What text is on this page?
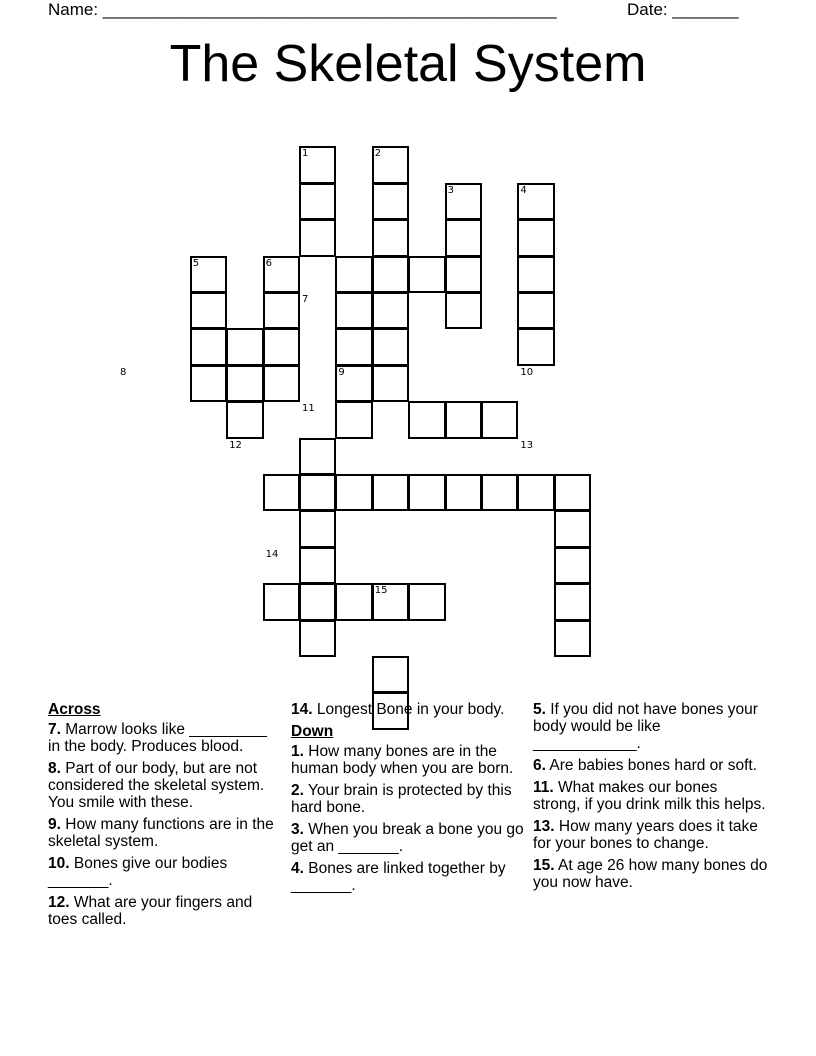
Name: ________________________________________________	Date: _______
The Skeletal System
1	2
3	4
5	6
7
8	9	10
11
12	13
14
15
Across
7. Marrow looks like _________ in the body. Produces blood.
8. Part of our body, but are not considered the skeletal system. You smile with these.
9. How many functions are in the skeletal system.
10. Bones give our bodies _______.
12. What are your fingers and toes called.
14. Longest Bone in your body.
Down
1. How many bones are in the human body when you are born.
2. Your brain is protected by this hard bone.
3. When you break a bone you go get an _______.
4. Bones are linked together by _______.
5. If you did not have bones your body would be like ____________.
6. Are babies bones hard or soft.
11. What makes our bones strong, if you drink milk this helps.
13. How many years does it take for your bones to change.
15. At age 26 how many bones do you now have.
